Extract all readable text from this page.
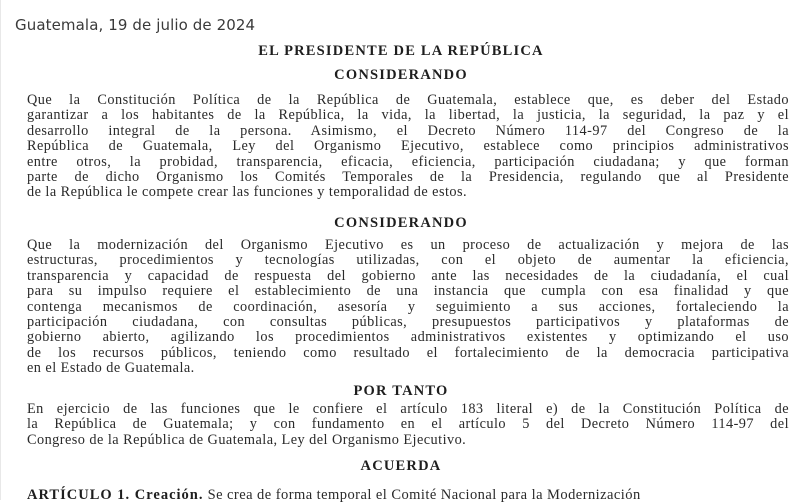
Guatemala, 19 de julio de 2024
EL PRESIDENTE DE LA REPÚBLICA
CONSIDERANDO
Que la Constitución Política de la República de Guatemala, establece que, es deber del Estado
garantizar a los habitantes de la República, la vida, la libertad, la justicia, la seguridad, la paz y el
desarrollo integral de la persona. Asimismo, el Decreto Número 114-97 del Congreso de la
República de Guatemala, Ley del Organismo Ejecutivo, establece como principios administrativos
entre otros, la probidad, transparencia, eficacia, eficiencia, participación ciudadana; y que forman
parte de dicho Organismo los Comités Temporales de la Presidencia, regulando que al Presidente
de la República le compete crear las funciones y temporalidad de estos.
CONSIDERANDO
Que la modernización del Organismo Ejecutivo es un proceso de actualización y mejora de las
estructuras, procedimientos y tecnologías utilizadas, con el objeto de aumentar la eficiencia,
transparencia y capacidad de respuesta del gobierno ante las necesidades de la ciudadanía, el cual
para su impulso requiere el establecimiento de una instancia que cumpla con esa finalidad y que
contenga mecanismos de coordinación, asesoría y seguimiento a sus acciones, fortaleciendo la
participación ciudadana, con consultas públicas, presupuestos participativos y plataformas de
gobierno abierto, agilizando los procedimientos administrativos existentes y optimizando el uso
de los recursos públicos, teniendo como resultado el fortalecimiento de la democracia participativa
en el Estado de Guatemala.
POR TANTO
En ejercicio de las funciones que le confiere el artículo 183 literal e) de la Constitución Política de
la República de Guatemala; y con fundamento en el artículo 5 del Decreto Número 114-97 del
Congreso de la República de Guatemala, Ley del Organismo Ejecutivo.
ACUERDA
ARTÍCULO 1. Creación. Se crea de forma temporal el Comité Nacional para la Modernización
